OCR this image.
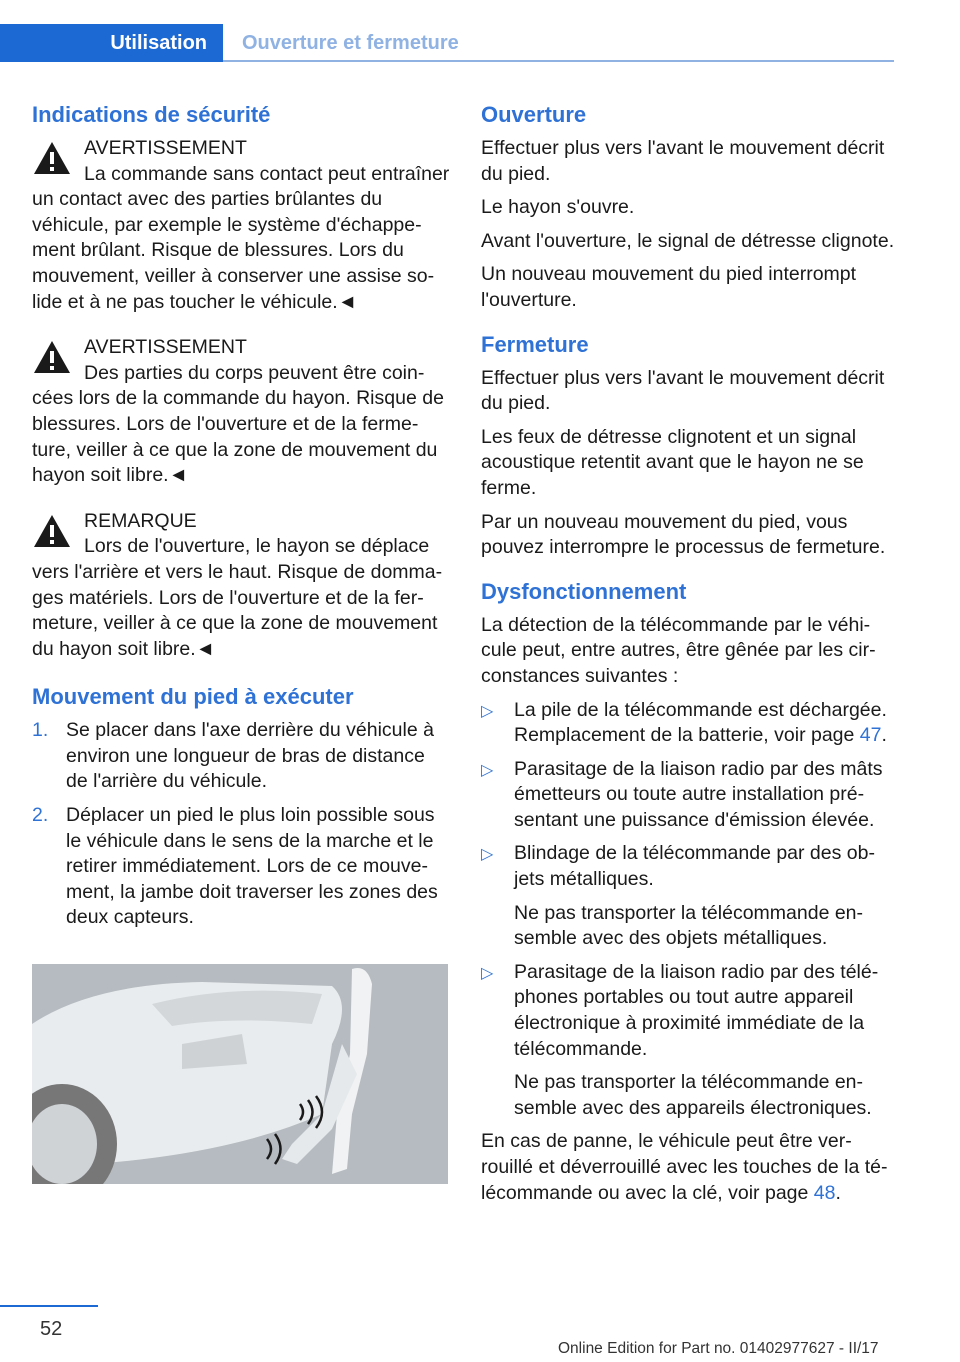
Utilisation	Ouverture et fermeture
Indications de sécurité
AVERTISSEMENT
La commande sans contact peut entraîner un contact avec des parties brûlantes du véhicule, par exemple le système d'échappement brûlant. Risque de blessures. Lors du mouvement, veiller à conserver une assise solide et à ne pas toucher le véhicule.◄
AVERTISSEMENT
Des parties du corps peuvent être coincées lors de la commande du hayon. Risque de blessures. Lors de l'ouverture et de la fermeture, veiller à ce que la zone de mouvement du hayon soit libre.◄
REMARQUE
Lors de l'ouverture, le hayon se déplace vers l'arrière et vers le haut. Risque de dommages matériels. Lors de l'ouverture et de la fermeture, veiller à ce que la zone de mouvement du hayon soit libre.◄
Mouvement du pied à exécuter
1. Se placer dans l'axe derrière du véhicule à environ une longueur de bras de distance de l'arrière du véhicule.
2. Déplacer un pied le plus loin possible sous le véhicule dans le sens de la marche et le retirer immédiatement. Lors de ce mouvement, la jambe doit traverser les zones des deux capteurs.
Ouverture

Effectuer plus vers l'avant le mouvement décrit du pied.

Le hayon s'ouvre.

Avant l'ouverture, le signal de détresse clignote.

Un nouveau mouvement du pied interrompt l'ouverture.

Fermeture

Effectuer plus vers l'avant le mouvement décrit du pied.

Les feux de détresse clignotent et un signal acoustique retentit avant que le hayon ne se ferme.

Par un nouveau mouvement du pied, vous pouvez interrompre le processus de fermeture.

Dysfonctionnement

La détection de la télécommande par le véhicule peut, entre autres, être gênée par les circonstances suivantes :

▷ La pile de la télécommande est déchargée. Remplacement de la batterie, voir page 47.
▷ Parasitage de la liaison radio par des mâts émetteurs ou toute autre installation présentant une puissance d'émission élevée.
▷ Blindage de la télécommande par des objets métalliques.
Ne pas transporter la télécommande ensemble avec des objets métalliques.
▷ Parasitage de la liaison radio par des téléphones portables ou tout autre appareil électronique à proximité immédiate de la télécommande.
Ne pas transporter la télécommande ensemble avec des appareils électroniques.

En cas de panne, le véhicule peut être verrouillé et déverrouillé avec les touches de la télécommande ou avec la clé, voir page 48.

52
Online Edition for Part no. 01402977627 - II/17
